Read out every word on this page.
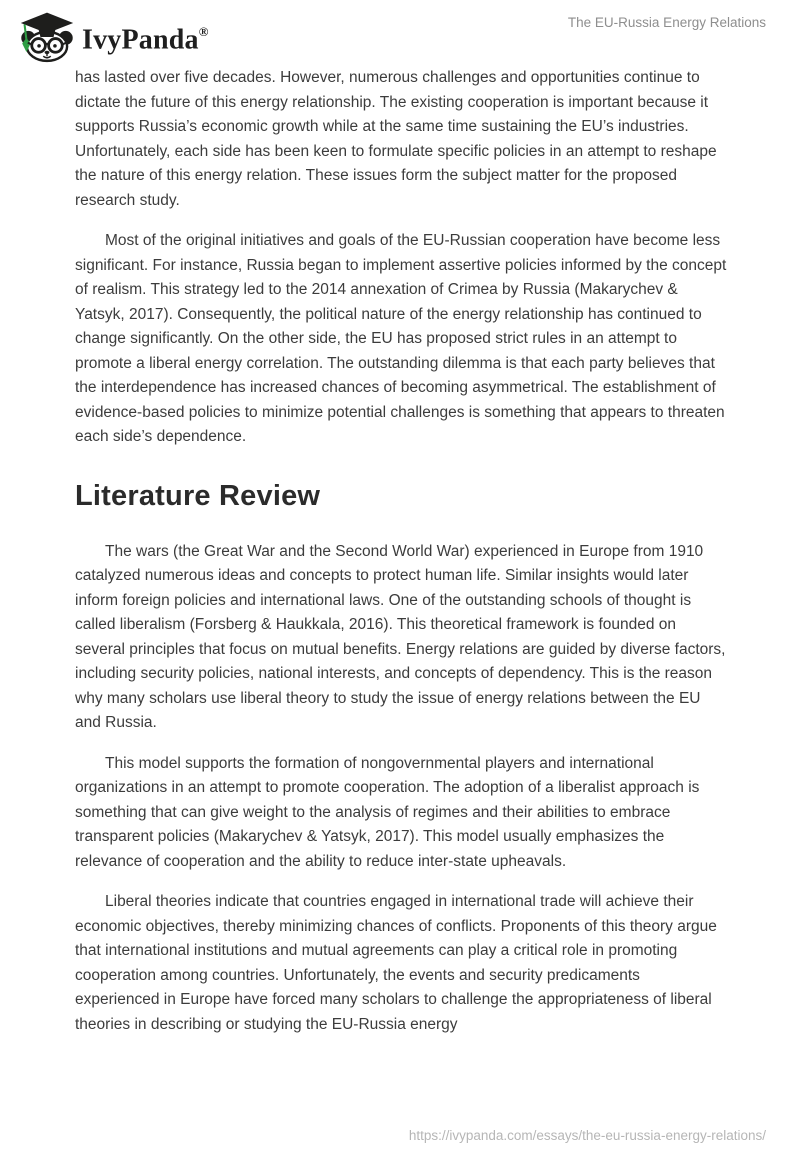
IvyPanda®
The EU-Russia Energy Relations

has lasted over five decades. However, numerous challenges and opportunities continue to dictate the future of this energy relationship. The existing cooperation is important because it supports Russia’s economic growth while at the same time sustaining the EU’s industries. Unfortunately, each side has been keen to formulate specific policies in an attempt to reshape the nature of this energy relation. These issues form the subject matter for the proposed research study.

Most of the original initiatives and goals of the EU-Russian cooperation have become less significant. For instance, Russia began to implement assertive policies informed by the concept of realism. This strategy led to the 2014 annexation of Crimea by Russia (Makarychev & Yatsyk, 2017). Consequently, the political nature of the energy relationship has continued to change significantly. On the other side, the EU has proposed strict rules in an attempt to promote a liberal energy correlation. The outstanding dilemma is that each party believes that the interdependence has increased chances of becoming asymmetrical. The establishment of evidence-based policies to minimize potential challenges is something that appears to threaten each side’s dependence.

Literature Review

The wars (the Great War and the Second World War) experienced in Europe from 1910 catalyzed numerous ideas and concepts to protect human life. Similar insights would later inform foreign policies and international laws. One of the outstanding schools of thought is called liberalism (Forsberg & Haukkala, 2016). This theoretical framework is founded on several principles that focus on mutual benefits. Energy relations are guided by diverse factors, including security policies, national interests, and concepts of dependency. This is the reason why many scholars use liberal theory to study the issue of energy relations between the EU and Russia.

This model supports the formation of nongovernmental players and international organizations in an attempt to promote cooperation. The adoption of a liberalist approach is something that can give weight to the analysis of regimes and their abilities to embrace transparent policies (Makarychev & Yatsyk, 2017). This model usually emphasizes the relevance of cooperation and the ability to reduce inter-state upheavals.

Liberal theories indicate that countries engaged in international trade will achieve their economic objectives, thereby minimizing chances of conflicts. Proponents of this theory argue that international institutions and mutual agreements can play a critical role in promoting cooperation among countries. Unfortunately, the events and security predicaments experienced in Europe have forced many scholars to challenge the appropriateness of liberal theories in describing or studying the EU-Russia energy

https://ivypanda.com/essays/the-eu-russia-energy-relations/
